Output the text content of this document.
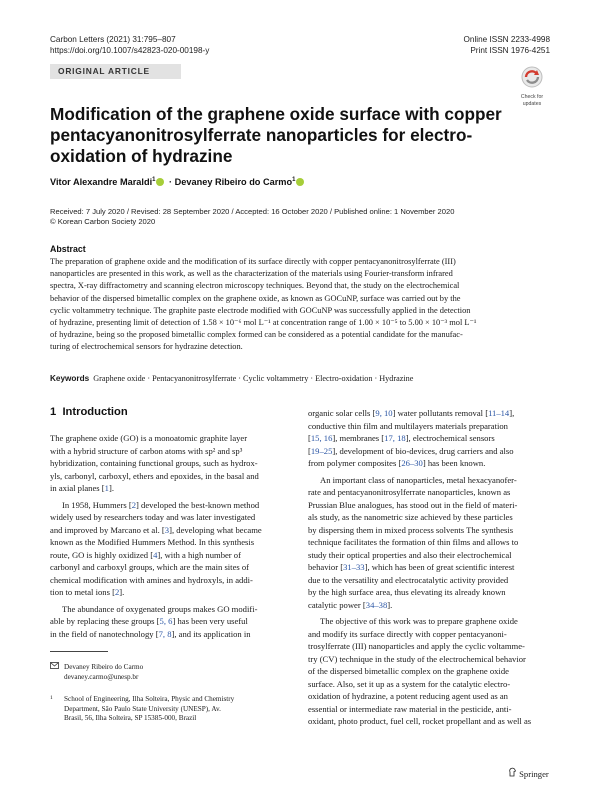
Carbon Letters (2021) 31:795–807
https://doi.org/10.1007/s42823-020-00198-y
Online ISSN 2233-4998
Print ISSN 1976-4251
ORIGINAL ARTICLE
Check for
updates
Modification of the graphene oxide surface with copper pentacyanonitrosylferrate nanoparticles for electro-oxidation of hydrazine
Vitor Alexandre Maraldi$^1$ · Devaney Ribeiro do Carmo$^1$
Received: 7 July 2020 / Revised: 28 September 2020 / Accepted: 16 October 2020 / Published online: 1 November 2020
© Korean Carbon Society 2020
Abstract

The preparation of graphene oxide and the modification of its surface directly with copper pentacyanonitrosylferrate (III)

nanoparticles are presented in this work, as well as the characterization of the materials using Fourier-transform infrared

spectra, X-ray diffractometry and scanning electron microscopy techniques. Beyond that, the study on the electrochemical

behavior of the dispersed bimetallic complex on the graphene oxide, as known as GOCuNP, surface was carried out by the

cyclic voltammetry technique. The graphite paste electrode modified with GOCuNP was successfully applied in the detection

of hydrazine, presenting limit of detection of 1.58 × 10⁻⁶ mol L⁻¹ at concentration range of 1.00 × 10⁻⁵ to 5.00 × 10⁻³ mol L⁻¹

of hydrazine, being so the proposed bimetallic complex formed can be considered as a potential candidate for the manufac-

turing of electrochemical sensors for hydrazine detection.

Keywords Graphene oxide · Pentacyanonitrosylferrate · Cyclic voltammetry · Electro-oxidation · Hydrazine
1 Introduction

The graphene oxide (GO) is a monoatomic graphite layer

with a hybrid structure of carbon atoms with sp² and sp³

hybridization, containing functional groups, such as hydrox-

yls, carbonyl, carboxyl, ethers and epoxides, in the basal and

in axial planes [1].

In 1958, Hummers [2] developed the best-known method

widely used by researchers today and was later investigated

and improved by Marcano et al. [3], developing what became

known as the Modified Hummers Method. In this synthesis

route, GO is highly oxidized [4], with a high number of

carbonyl and carboxyl groups, which are the main sites of

chemical modification with amines and hydroxyls, in addi-

tion to metal ions [2].

The abundance of oxygenated groups makes GO modifi-

able by replacing these groups [5, 6] has been very useful

in the field of nanotechnology [7, 8], and its application in

organic solar cells [9, 10] water pollutants removal [11–14],

conductive thin film and multilayers materials preparation

[15, 16], membranes [17, 18], electrochemical sensors

[19–25], development of bio-devices, drug carriers and also

from polymer composites [26–30] has been known.

An important class of nanoparticles, metal hexacyanofer-

rate and pentacyanonitrosylferrate nanoparticles, known as

Prussian Blue analogues, has stood out in the field of materi-

als study, as the nanometric size achieved by these particles

by dispersing them in mixed process solvents The synthesis

technique facilitates the formation of thin films and allows to

study their optical properties and also their electrochemical

behavior [31–33], which has been of great scientific interest

due to the versatility and electrocatalytic activity provided

by the high surface area, thus elevating its already known

catalytic power [34–38].

The objective of this work was to prepare graphene oxide

and modify its surface directly with copper pentacyanoni-

trosylferrate (III) nanoparticles and apply the cyclic voltamme-

try (CV) technique in the study of the electrochemical behavior

of the dispersed bimetallic complex on the graphene oxide

surface. Also, set it up as a system for the catalytic electro-

oxidation of hydrazine, a potent reducing agent used as an

essential or intermediate raw material in the pesticide, anti-

oxidant, photo product, fuel cell, rocket propellant and as well as

Devaney Ribeiro do Carmo
devaney.carmo@unesp.br
1	School of Engineering, Ilha Solteira, Physic and Chemistry
Department, São Paulo State University (UNESP), Av.
Brasil, 56, Ilha Solteira, SP 15385-000, Brazil
Springer
